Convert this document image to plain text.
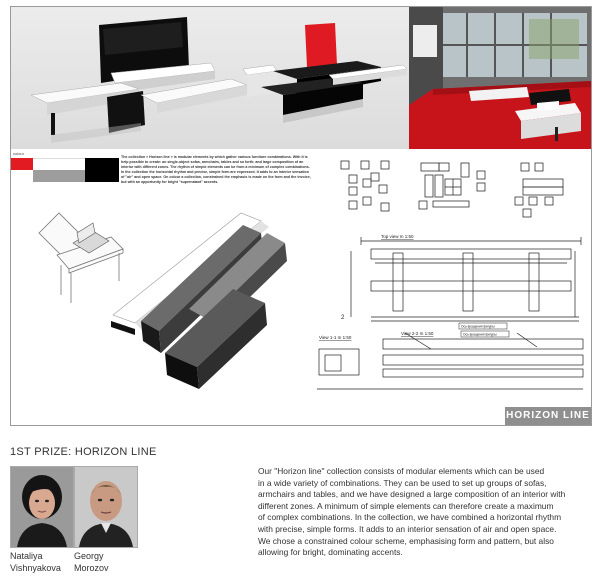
colour
The collection « Horizon line » is modular elements by which gather various furniture combinations. With it is help possible to create: an single-object sofas, armchairs, tables and so forth; and large composition of an interior with different zones. The rhythm of simple elements can be from a minimum of complex combinations. In the collection the horizontal rhythm and precise, simple form are expressed. It adds to an interior sensation of "air" and open space. On colour a collection, constrained the emphasis is made on the form and the invoice, but with an opportunity for bright "supernatant" accents.
Top view m 1:50
View 1-1 m 1:50
View 2-2 m 1:50
Ось вращения фигуры
Ось вращения фигуры
2
HORIZON LINE
1ST PRIZE: HORIZON LINE
Nataliya
Vishnyakova
Georgy
Morozov

Our "Horizon line" collection consists of modular elements which can be used

in a wide variety of combinations. They can be used to set up groups of sofas,

armchairs and tables, and we have designed a large composition of an interior with

different zones. A minimum of simple elements can therefore create a maximum

of complex combinations. In the collection, we have combined a horizontal rhythm

with precise, simple forms. It adds to an interior sensation of air and open space.

We chose a constrained colour scheme, emphasising form and pattern, but also

allowing for bright, dominating accents.
